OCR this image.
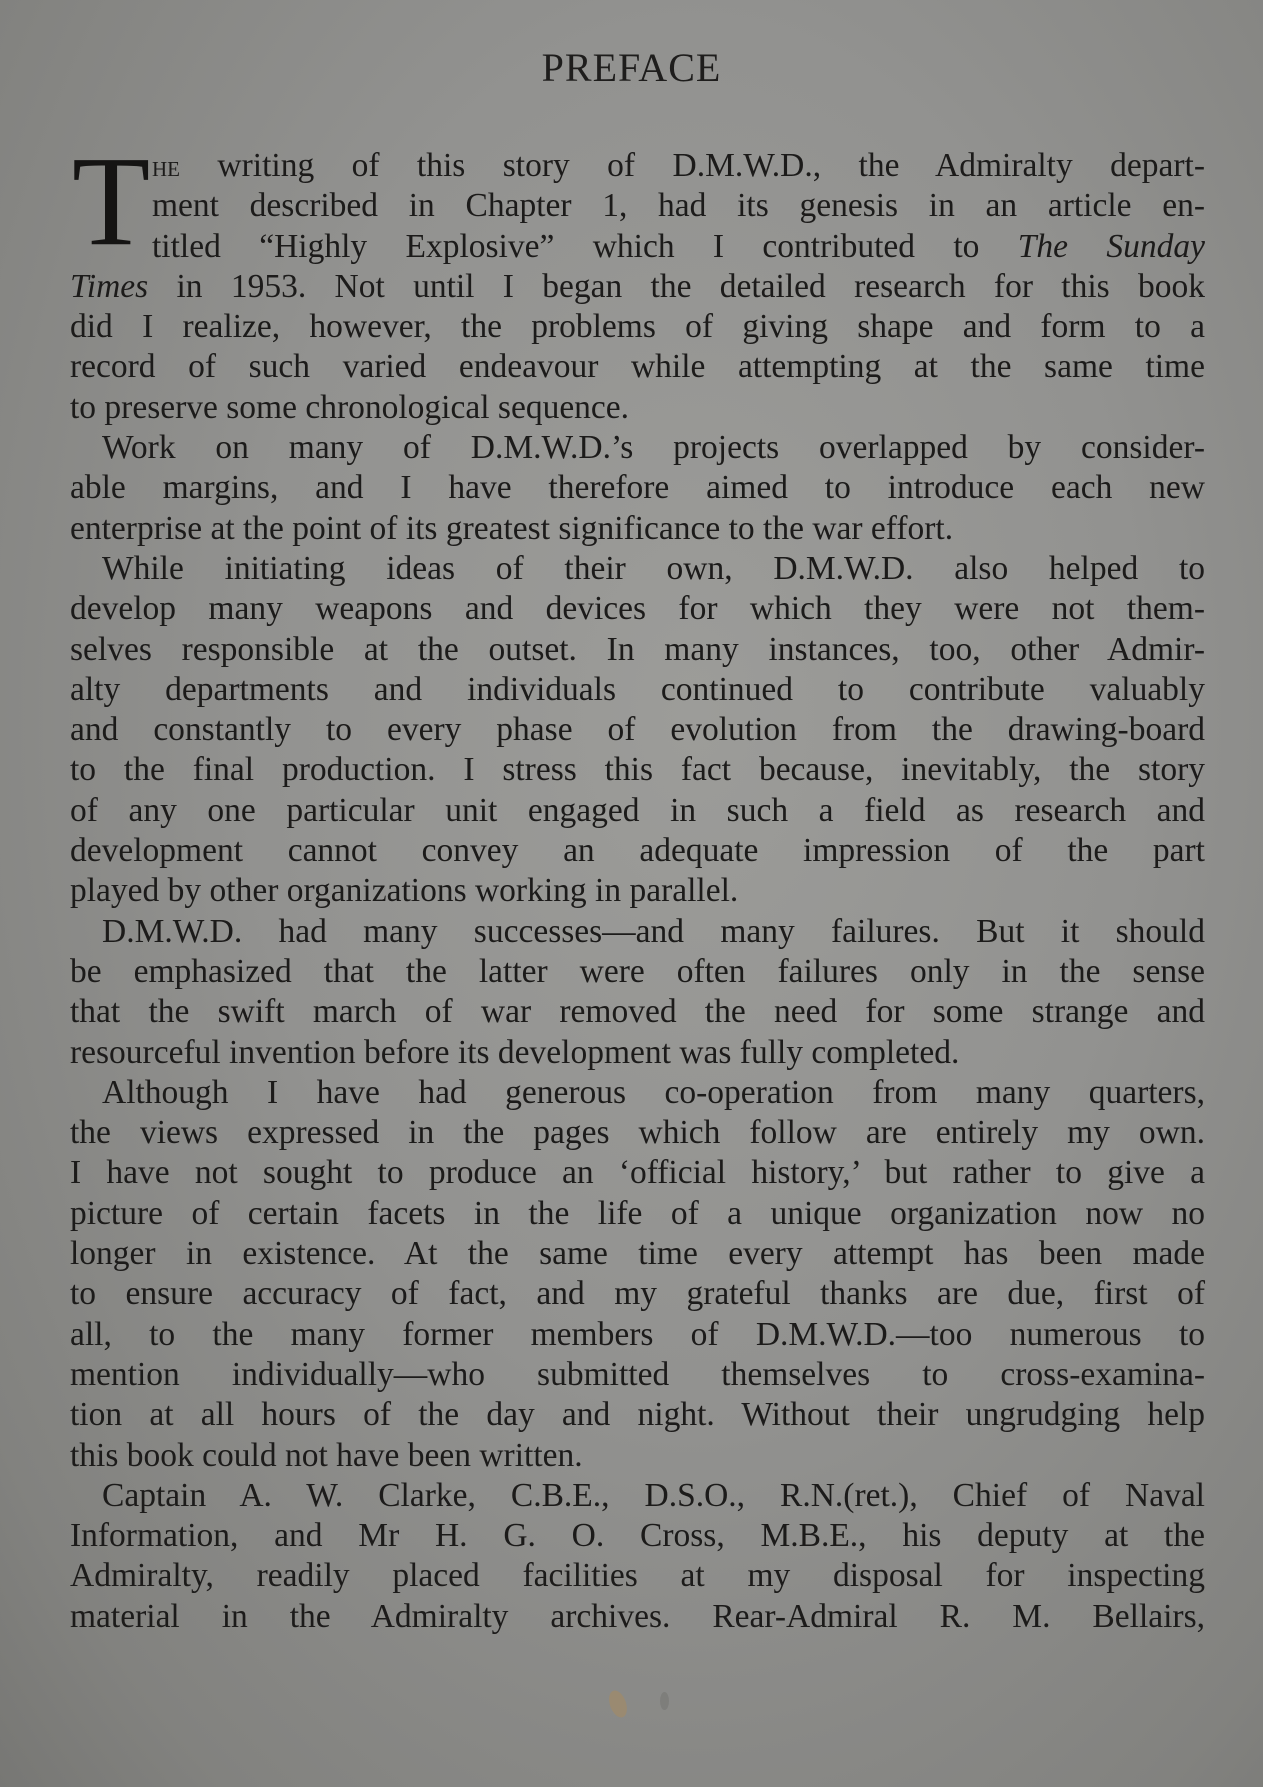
PREFACE
T he writing of this story of D.M.W.D., the Admiralty depart-
ment described in Chapter 1, had its genesis in an article en-
titled “Highly Explosive” which I contributed to The Sunday
Times in 1953. Not until I began the detailed research for this book
did I realize, however, the problems of giving shape and form to a
record of such varied endeavour while attempting at the same time
to preserve some chronological sequence.
Work on many of D.M.W.D.’s projects overlapped by consider-
able margins, and I have therefore aimed to introduce each new
enterprise at the point of its greatest significance to the war effort.
While initiating ideas of their own, D.M.W.D. also helped to
develop many weapons and devices for which they were not them-
selves responsible at the outset. In many instances, too, other Admir-
alty departments and individuals continued to contribute valuably
and constantly to every phase of evolution from the drawing-board
to the final production. I stress this fact because, inevitably, the story
of any one particular unit engaged in such a field as research and
development cannot convey an adequate impression of the part
played by other organizations working in parallel.
D.M.W.D. had many successes—and many failures. But it should
be emphasized that the latter were often failures only in the sense
that the swift march of war removed the need for some strange and
resourceful invention before its development was fully completed.
Although I have had generous co-operation from many quarters,
the views expressed in the pages which follow are entirely my own.
I have not sought to produce an ‘official history,’ but rather to give a
picture of certain facets in the life of a unique organization now no
longer in existence. At the same time every attempt has been made
to ensure accuracy of fact, and my grateful thanks are due, first of
all, to the many former members of D.M.W.D.—too numerous to
mention individually—who submitted themselves to cross-examina-
tion at all hours of the day and night. Without their ungrudging help
this book could not have been written.
Captain A. W. Clarke, C.B.E., D.S.O., R.N.(ret.), Chief of Naval
Information, and Mr H. G. O. Cross, M.B.E., his deputy at the
Admiralty, readily placed facilities at my disposal for inspecting
material in the Admiralty archives. Rear-Admiral R. M. Bellairs,
